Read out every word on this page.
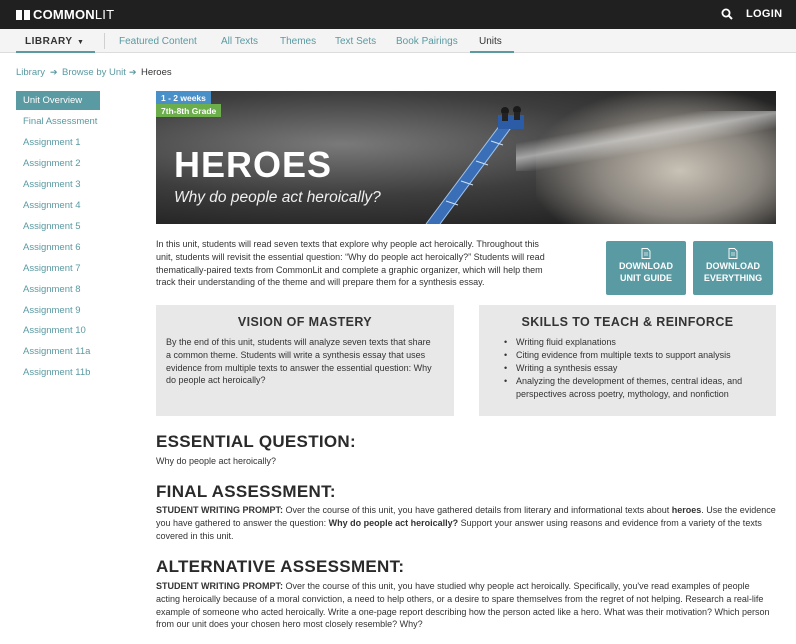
COMMONLIT	LOGIN
LIBRARY ▼	Featured Content All Texts Themes Text Sets Book Pairings Units
Library ➔ Browse by Unit ➔ Heroes
Unit Overview
Final Assessment
Assignment 1
Assignment 2
Assignment 3
Assignment 4
Assignment 5
Assignment 6
Assignment 7
Assignment 8
Assignment 9
Assignment 10
Assignment 11a
Assignment 11b
1 - 2 weeks
7th-8th Grade
HEROES
Why do people act heroically?

In this unit, students will read seven texts that explore why people act heroically. Throughout this unit, students will revisit the essential question: “Why do people act heroically?” Students will read thematically-paired texts from CommonLit and complete a graphic organizer, which will help them track their understanding of the theme and will prepare them for a synthesis essay.

DOWNLOAD
UNIT GUIDE
DOWNLOAD
EVERYTHING
VISION OF MASTERY

By the end of this unit, students will analyze seven texts that share a common theme. Students will write a synthesis essay that uses evidence from multiple texts to answer the essential question: Why do people act heroically?

SKILLS TO TEACH & REINFORCE
• Writing fluid explanations
• Citing evidence from multiple texts to support analysis
• Writing a synthesis essay
• Analyzing the development of themes, central ideas, and perspectives across poetry, mythology, and nonfiction
ESSENTIAL QUESTION:

Why do people act heroically?

FINAL ASSESSMENT:

STUDENT WRITING PROMPT: Over the course of this unit, you have gathered details from literary and informational texts about heroes. Use the evidence you have gathered to answer the question: Why do people act heroically? Support your answer using reasons and evidence from a variety of the texts covered in this unit.

ALTERNATIVE ASSESSMENT:

STUDENT WRITING PROMPT: Over the course of this unit, you have studied why people act heroically. Specifically, you've read examples of people acting heroically because of a moral conviction, a need to help others, or a desire to spare themselves from the regret of not helping. Research a real-life example of someone who acted heroically. Write a one-page report describing how the person acted like a hero. What was their motivation? Which person from our unit does your chosen hero most closely resemble? Why?
